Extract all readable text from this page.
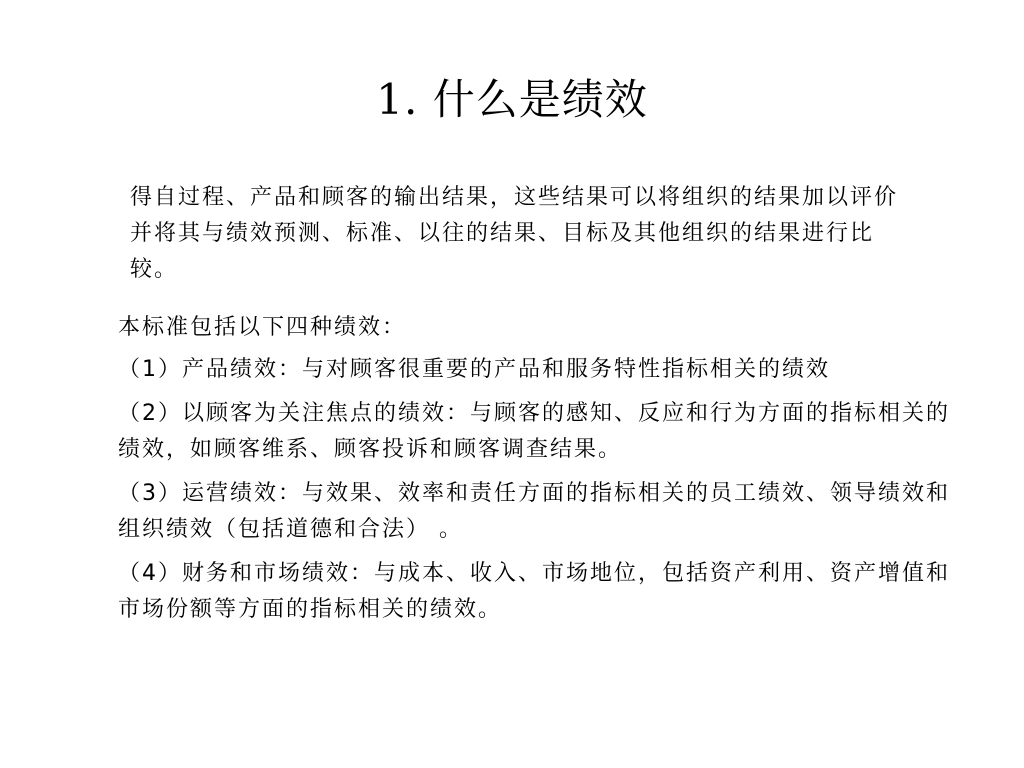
1. 什么是绩效

得自过程、产品和顾客的输出结果，这些结果可以将组织的结果加以评价并将其与绩效预测、标准、以往的结果、目标及其他组织的结果进行比较。

本标准包括以下四种绩效：

（1）产品绩效：与对顾客很重要的产品和服务特性指标相关的绩效

（2）以顾客为关注焦点的绩效：与顾客的感知、反应和行为方面的指标相关的绩效，如顾客维系、顾客投诉和顾客调查结果。

（3）运营绩效：与效果、效率和责任方面的指标相关的员工绩效、领导绩效和组织绩效（包括道德和合法） 。

（4）财务和市场绩效：与成本、收入、市场地位，包括资产利用、资产增值和市场份额等方面的指标相关的绩效。
